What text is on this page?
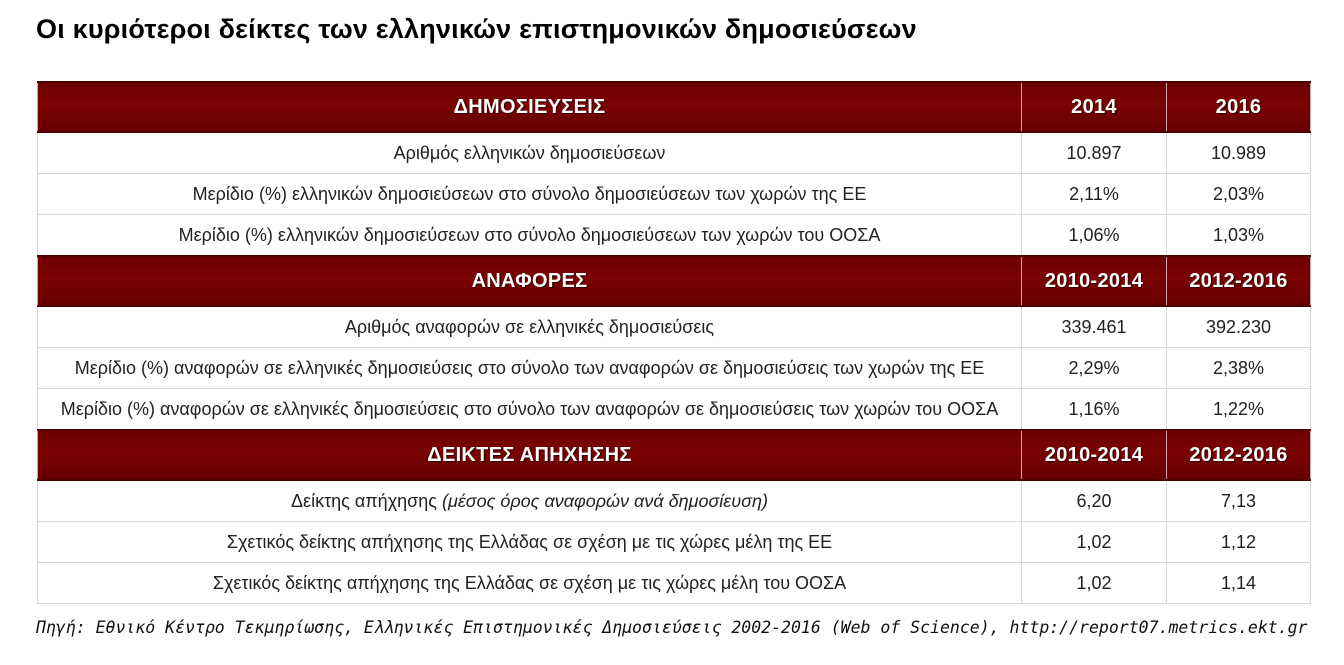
Οι κυριότεροι δείκτες των ελληνικών επιστημονικών δημοσιεύσεων
ΔΗΜΟΣΙΕΥΣΕΙΣ	2014	2016
Αριθμός ελληνικών δημοσιεύσεων	10.897	10.989
Μερίδιο (%) ελληνικών δημοσιεύσεων στο σύνολο δημοσιεύσεων των χωρών της ΕΕ	2,11%	2,03%
Μερίδιο (%) ελληνικών δημοσιεύσεων στο σύνολο δημοσιεύσεων των χωρών του ΟΟΣΑ	1,06%	1,03%
ΑΝΑΦΟΡΕΣ	2010-2014	2012-2016
Αριθμός αναφορών σε ελληνικές δημοσιεύσεις	339.461	392.230
Μερίδιο (%) αναφορών σε ελληνικές δημοσιεύσεις στο σύνολο των αναφορών σε δημοσιεύσεις των χωρών της ΕΕ	2,29%	2,38%
Μερίδιο (%) αναφορών σε ελληνικές δημοσιεύσεις στο σύνολο των αναφορών σε δημοσιεύσεις των χωρών του ΟΟΣΑ	1,16%	1,22%
ΔΕΙΚΤΕΣ ΑΠΗΧΗΣΗΣ	2010-2014	2012-2016
Δείκτης απήχησης (μέσος όρος αναφορών ανά δημοσίευση)	6,20	7,13
Σχετικός δείκτης απήχησης της Ελλάδας σε σχέση με τις χώρες μέλη της ΕΕ	1,02	1,12
Σχετικός δείκτης απήχησης της Ελλάδας σε σχέση με τις χώρες μέλη του ΟΟΣΑ	1,02	1,14
Πηγή: Εθνικό Κέντρο Τεκμηρίωσης, Ελληνικές Επιστημονικές Δημοσιεύσεις 2002-2016 (Web of Science), http://report07.metrics.ekt.gr
